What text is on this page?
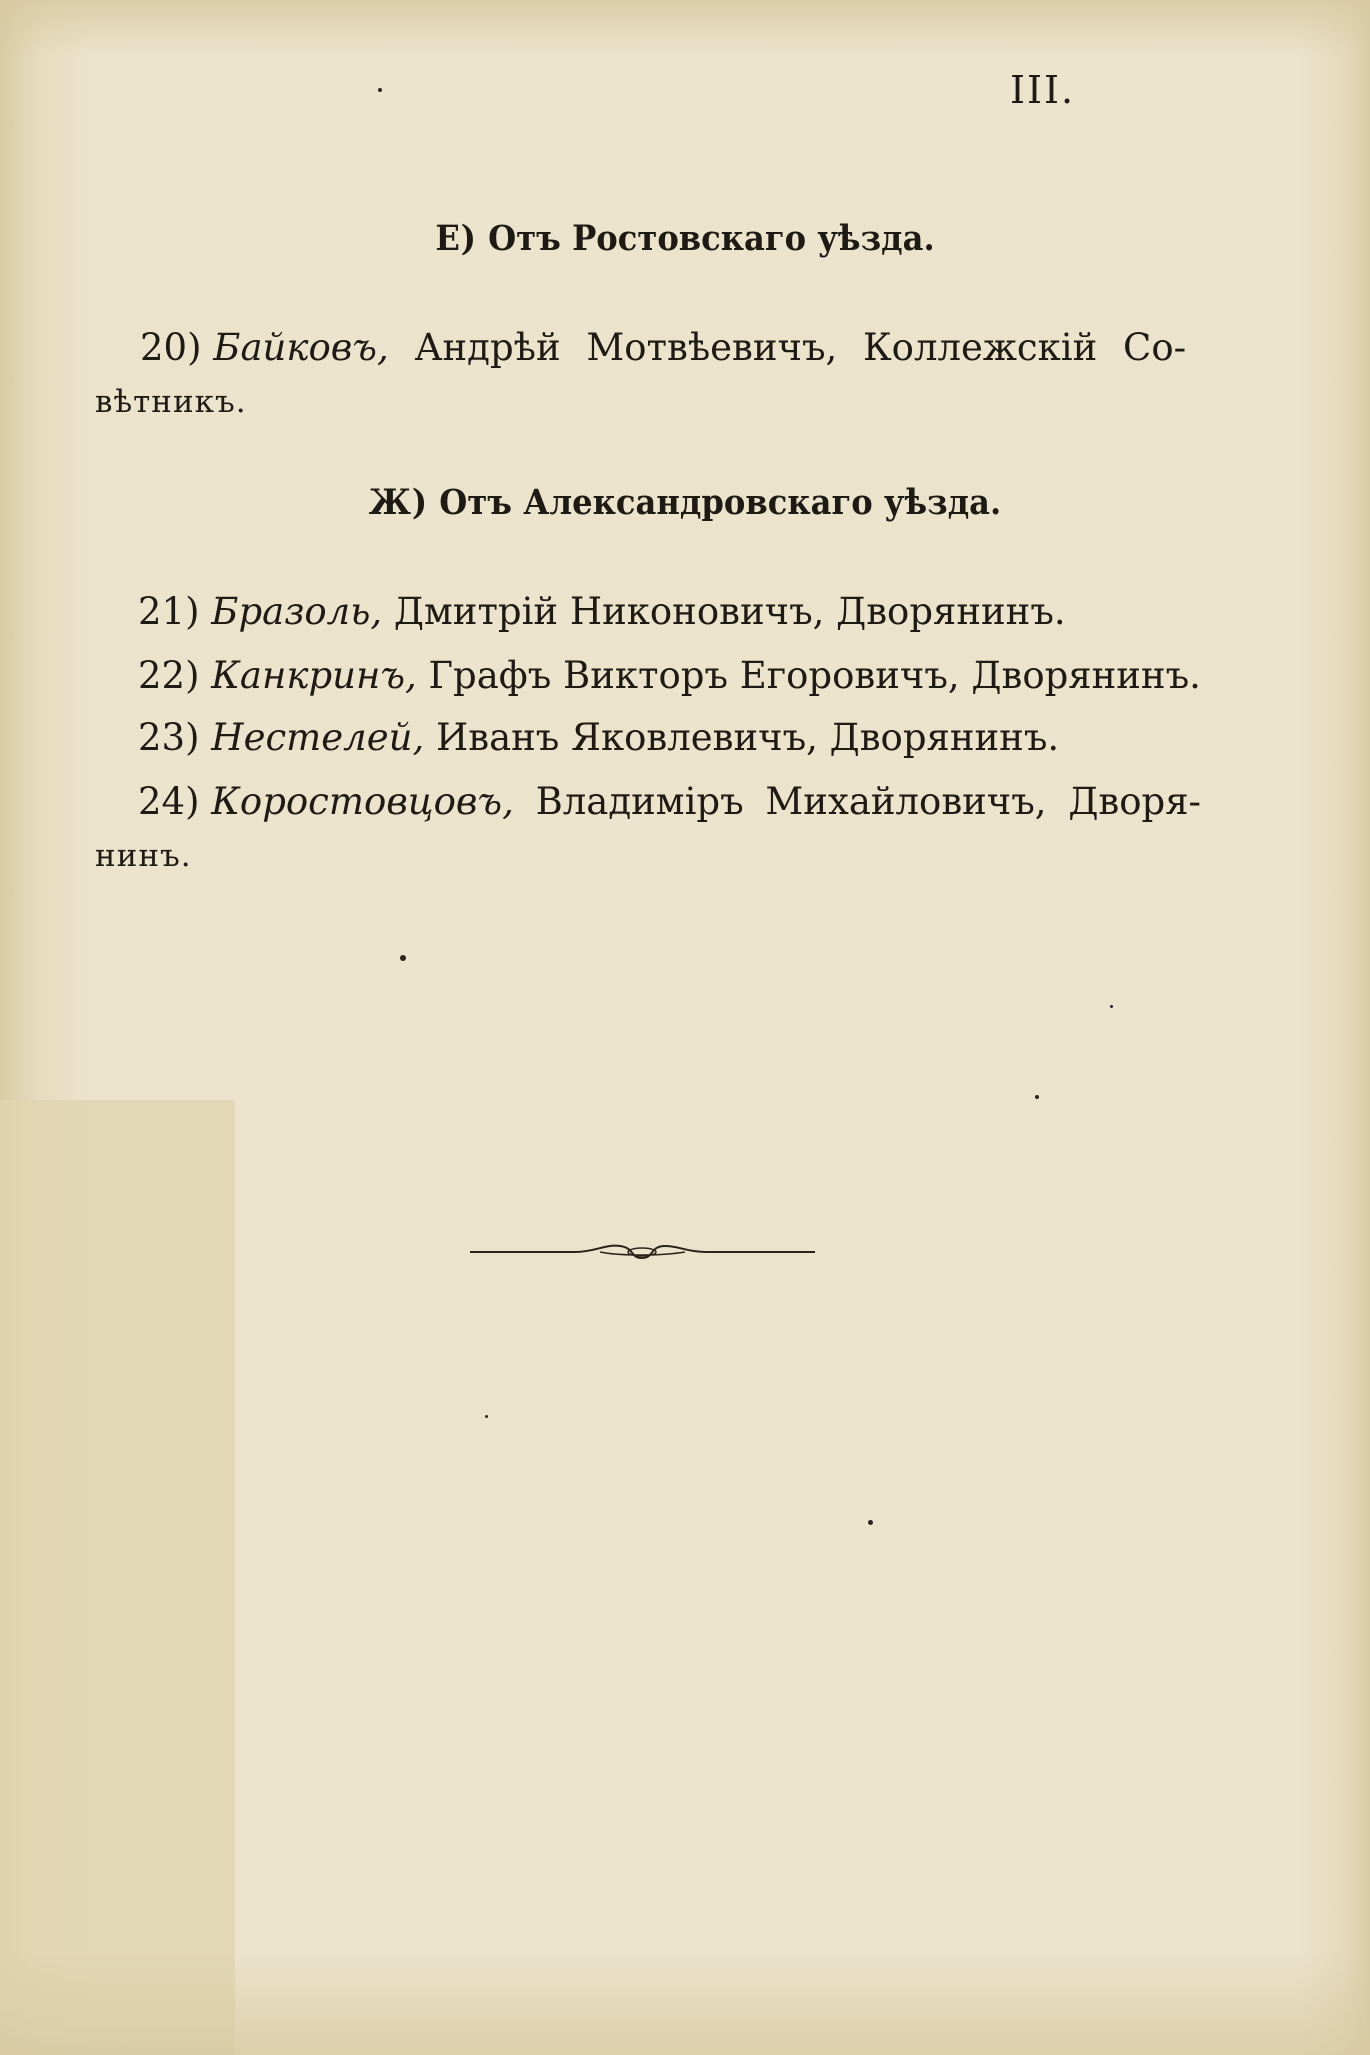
III.
Е) Отъ Ростовскаго уѣзда.
20) Байковъ, Андрѣй Мотвѣевичъ, Коллежскій Со-
вѣтникъ.
Ж) Отъ Александровскаго уѣзда.
21) Бразоль, Дмитрій Никоновичъ, Дворянинъ.
22) Канкринъ, Графъ Викторъ Егоровичъ, Дворянинъ.
23) Нестелей, Иванъ Яковлевичъ, Дворянинъ.
24) Коростовцовъ, Владиміръ Михайловичъ, Дворя-
нинъ.
